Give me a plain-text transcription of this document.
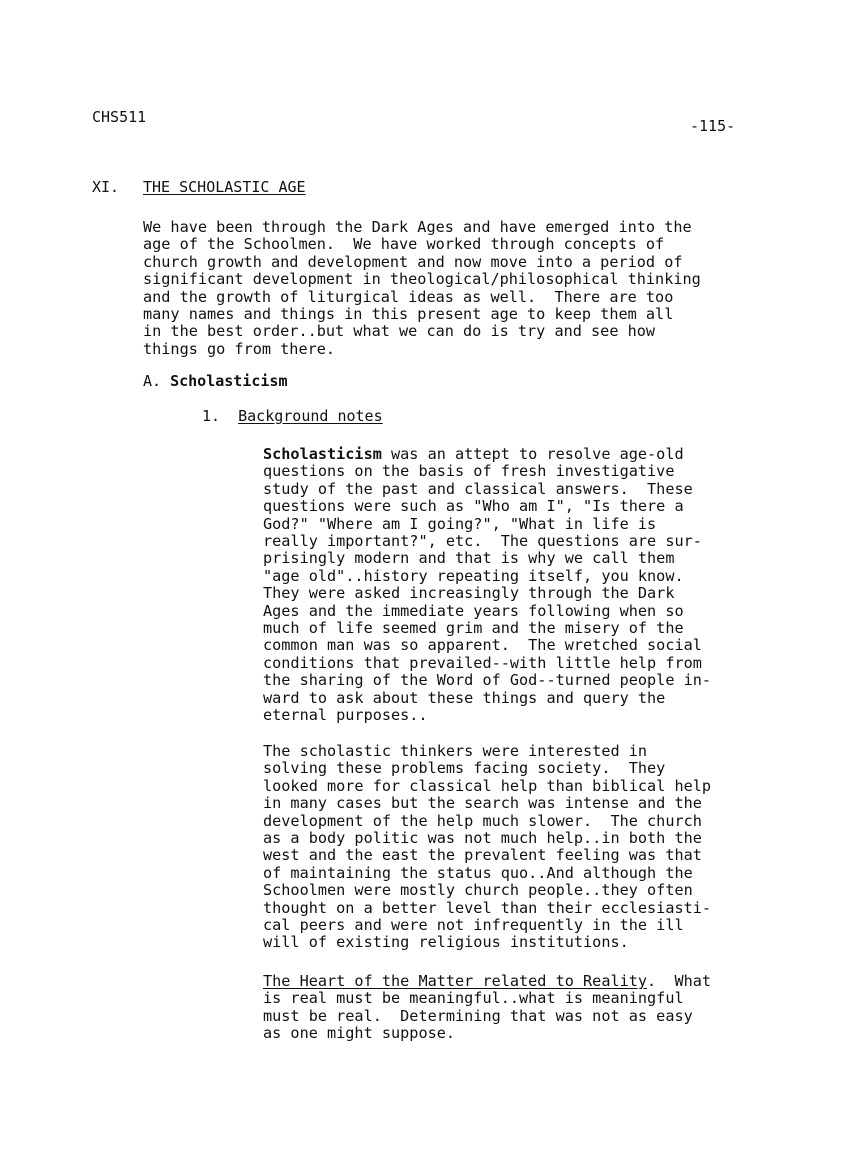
CHS511	-115-
XI. THE SCHOLASTIC AGE
We have been through the Dark Ages and have emerged into the
age of the Schoolmen.  We have worked through concepts of
church growth and development and now move into a period of
significant development in theological/philosophical thinking
and the growth of liturgical ideas as well.  There are too
many names and things in this present age to keep them all
in the best order..but what we can do is try and see how
things go from there.
A. Scholasticism
1. Background notes
Scholasticism was an attept to resolve age-old
questions on the basis of fresh investigative
study of the past and classical answers.  These
questions were such as "Who am I", "Is there a
God?" "Where am I going?", "What in life is
really important?", etc.  The questions are sur-
prisingly modern and that is why we call them
"age old"..history repeating itself, you know.
They were asked increasingly through the Dark
Ages and the immediate years following when so
much of life seemed grim and the misery of the
common man was so apparent.  The wretched social
conditions that prevailed--with little help from
the sharing of the Word of God--turned people in-
ward to ask about these things and query the
eternal purposes..
The scholastic thinkers were interested in
solving these problems facing society.  They
looked more for classical help than biblical help
in many cases but the search was intense and the
development of the help much slower.  The church
as a body politic was not much help..in both the
west and the east the prevalent feeling was that
of maintaining the status quo..And although the
Schoolmen were mostly church people..they often
thought on a better level than their ecclesiasti-
cal peers and were not infrequently in the ill
will of existing religious institutions.
The Heart of the Matter related to Reality.  What
is real must be meaningful..what is meaningful
must be real.  Determining that was not as easy
as one might suppose.
